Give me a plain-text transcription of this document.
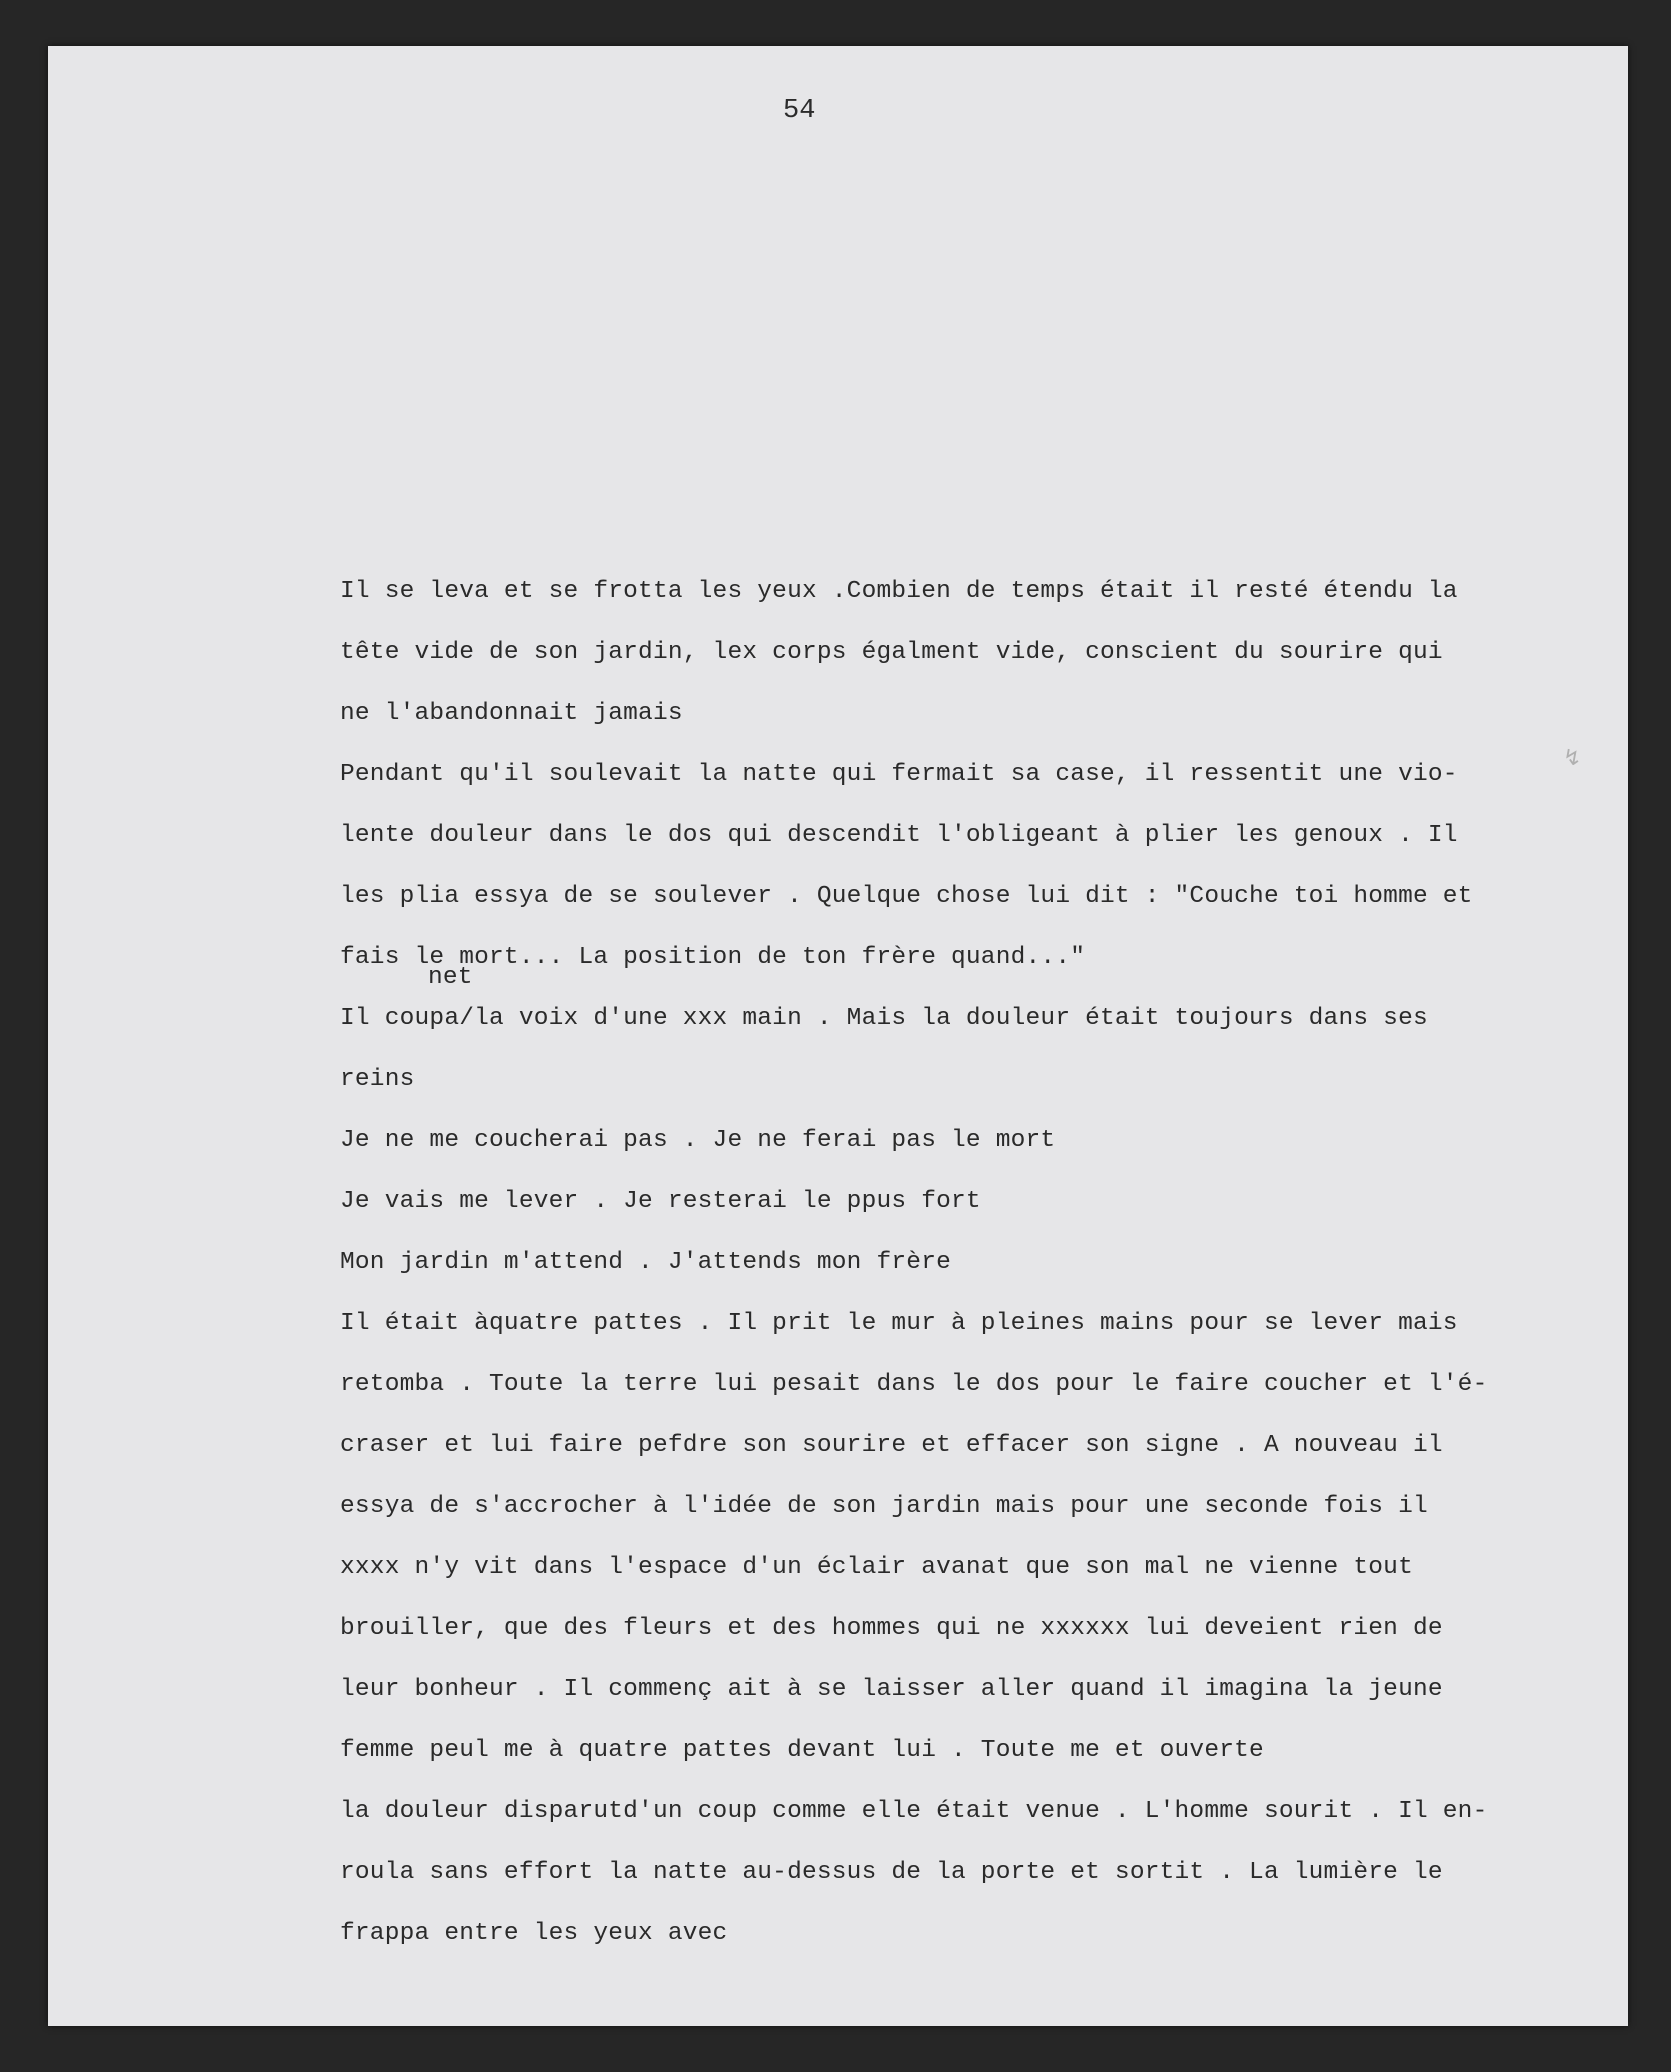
54
↯
Il se leva et se frotta les yeux .Combien de temps était il resté étendu la
tête vide de son jardin, lex corps égalment vide, conscient du sourire qui
ne l'abandonnait jamais
Pendant qu'il soulevait la natte qui fermait sa case, il ressentit une vio-
lente douleur dans le dos qui descendit l'obligeant à plier les genoux . Il
les plia essya de se soulever . Quelque chose lui dit : "Couche toi homme et
fais le mort... La position de ton frère quand..."
net
Il coupa/la voix d'une xxx main . Mais la douleur était toujours dans ses
reins
Je ne me coucherai pas . Je ne ferai pas le mort
Je vais me lever . Je resterai le ppus fort
Mon jardin m'attend . J'attends mon frère
Il était àquatre pattes . Il prit le mur à pleines mains pour se lever mais
retomba . Toute la terre lui pesait dans le dos pour le faire coucher et l'é-
craser et lui faire pefdre son sourire et effacer son signe . A nouveau il
essya de s'accrocher à l'idée de son jardin mais pour une seconde fois il
xxxx n'y vit dans l'espace d'un éclair avanat que son mal ne vienne tout
brouiller, que des fleurs et des hommes qui ne xxxxxx lui deveient rien de
leur bonheur . Il commenç ait à se laisser aller quand il imagina la jeune
femme peul me à quatre pattes devant lui . Toute me et ouverte
la douleur disparutd'un coup comme elle était venue . L'homme sourit . Il en-
roula sans effort la natte au-dessus de la porte et sortit . La lumière le
frappa entre les yeux avec
